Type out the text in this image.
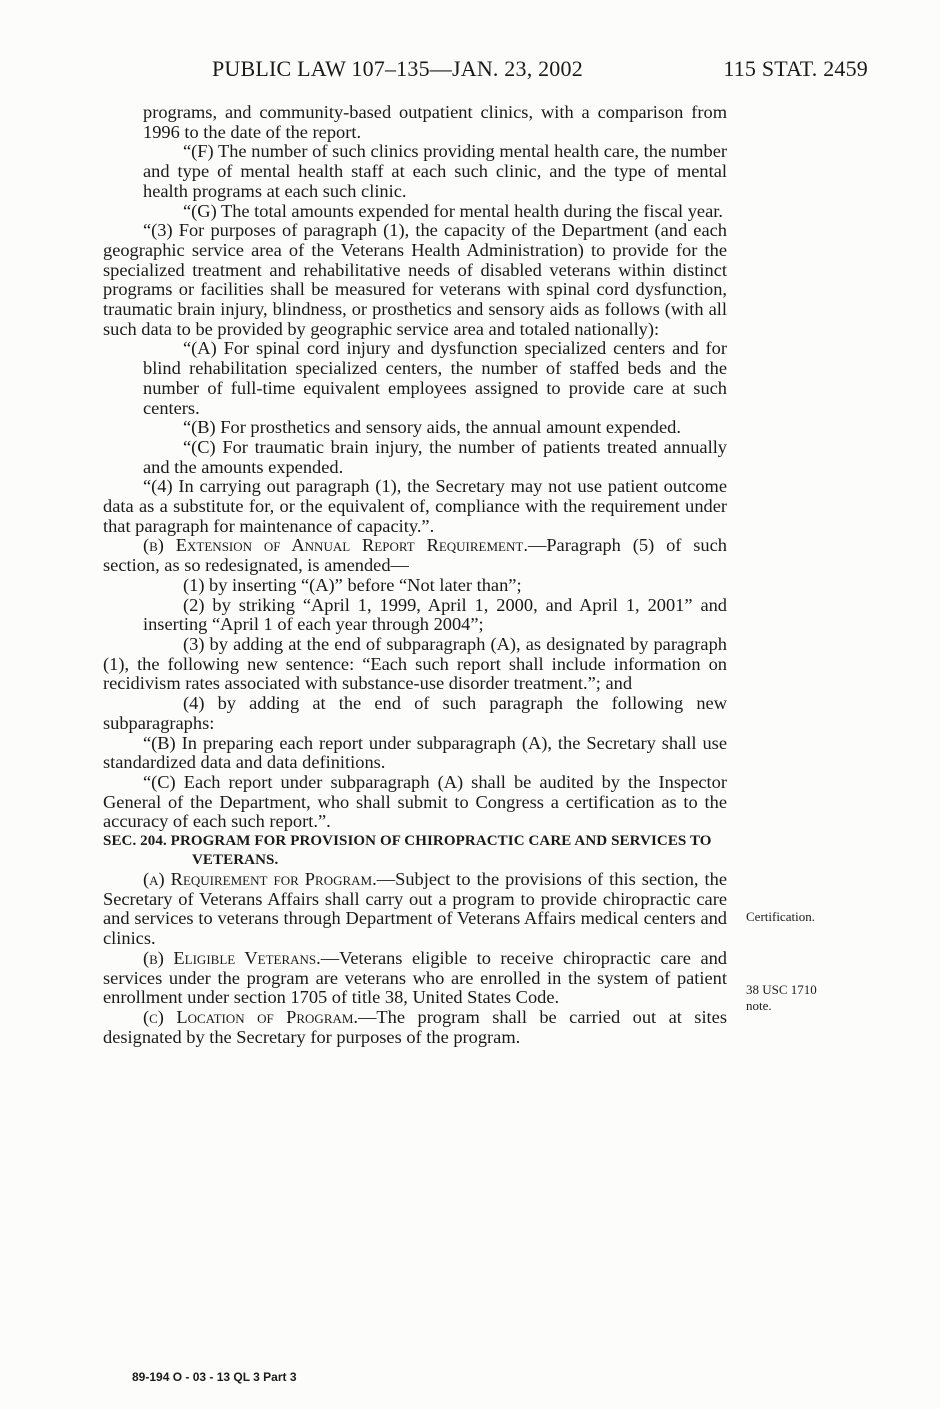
PUBLIC LAW 107–135—JAN. 23, 2002	115 STAT. 2459

programs, and community-based outpatient clinics, with a comparison from 1996 to the date of the report.

“(F) The number of such clinics providing mental health care, the number and type of mental health staff at each such clinic, and the type of mental health programs at each such clinic.

“(G) The total amounts expended for mental health during the fiscal year.

“(3) For purposes of paragraph (1), the capacity of the Department (and each geographic service area of the Veterans Health Administration) to provide for the specialized treatment and rehabilitative needs of disabled veterans within distinct programs or facilities shall be measured for veterans with spinal cord dysfunction, traumatic brain injury, blindness, or prosthetics and sensory aids as follows (with all such data to be provided by geographic service area and totaled nationally):

“(A) For spinal cord injury and dysfunction specialized centers and for blind rehabilitation specialized centers, the number of staffed beds and the number of full-time equivalent employees assigned to provide care at such centers.

“(B) For prosthetics and sensory aids, the annual amount expended.

“(C) For traumatic brain injury, the number of patients treated annually and the amounts expended.

“(4) In carrying out paragraph (1), the Secretary may not use patient outcome data as a substitute for, or the equivalent of, compliance with the requirement under that paragraph for maintenance of capacity.”.

(b) Extension of Annual Report Requirement.—Paragraph (5) of such section, as so redesignated, is amended—

(1) by inserting “(A)” before “Not later than”;

(2) by striking “April 1, 1999, April 1, 2000, and April 1, 2001” and inserting “April 1 of each year through 2004”;

(3) by adding at the end of subparagraph (A), as designated by paragraph (1), the following new sentence: “Each such report shall include information on recidivism rates associated with substance-use disorder treatment.”; and

(4) by adding at the end of such paragraph the following new subparagraphs:

“(B) In preparing each report under subparagraph (A), the Secretary shall use standardized data and data definitions.

“(C) Each report under subparagraph (A) shall be audited by the Inspector General of the Department, who shall submit to Congress a certification as to the accuracy of each such report.”.

SEC. 204. PROGRAM FOR PROVISION OF CHIROPRACTIC CARE AND SERVICES TO VETERANS.

(a) Requirement for Program.—Subject to the provisions of this section, the Secretary of Veterans Affairs shall carry out a program to provide chiropractic care and services to veterans through Department of Veterans Affairs medical centers and clinics.

(b) Eligible Veterans.—Veterans eligible to receive chiropractic care and services under the program are veterans who are enrolled in the system of patient enrollment under section 1705 of title 38, United States Code.

(c) Location of Program.—The program shall be carried out at sites designated by the Secretary for purposes of the program.

Certification.
38 USC 1710
note.
89-194 O - 03 - 13 QL 3 Part 3
